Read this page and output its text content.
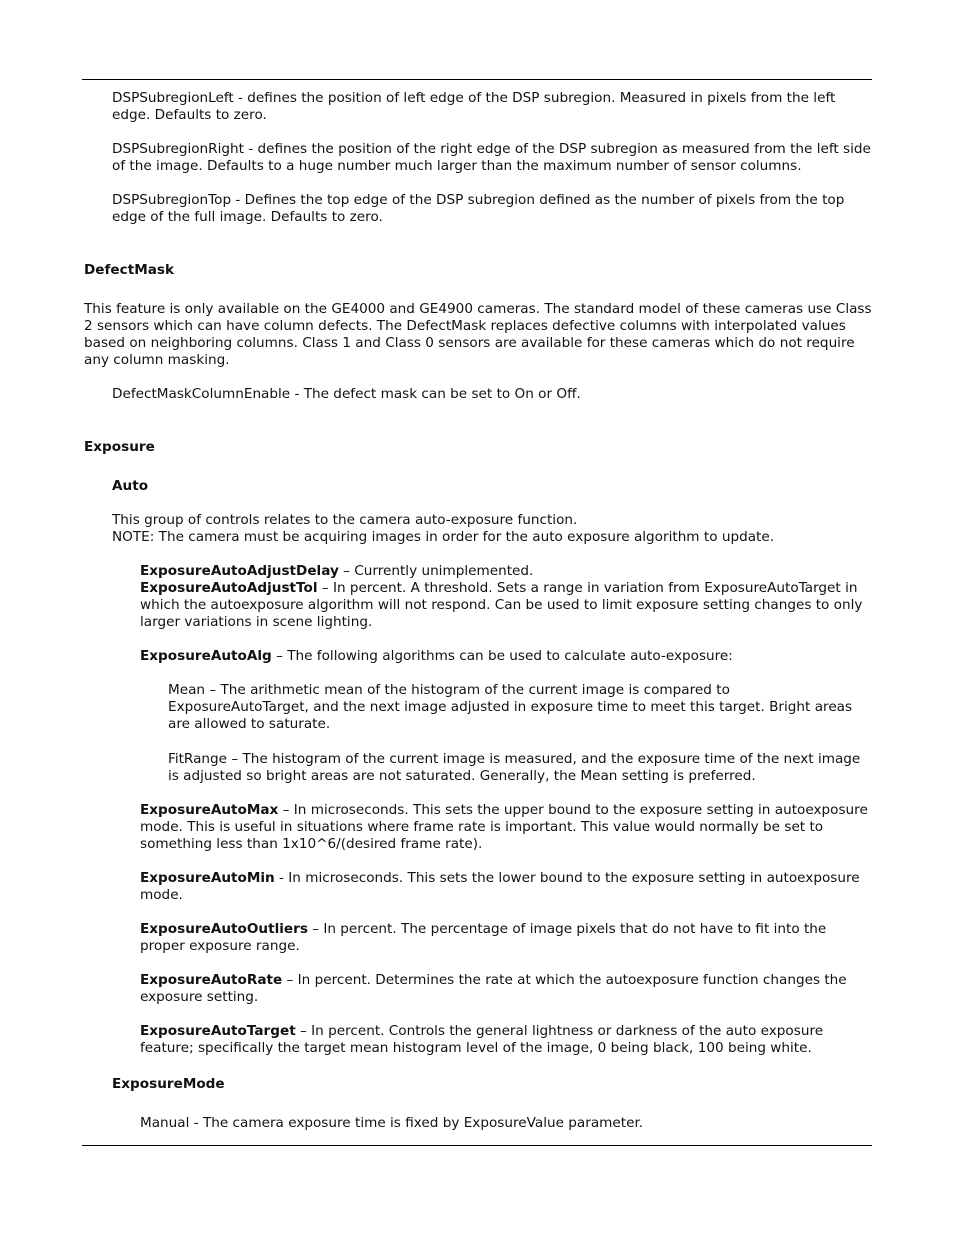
DSPSubregionLeft - defines the position of left edge of the DSP subregion. Measured in pixels from the left edge. Defaults to zero.

DSPSubregionRight - defines the position of the right edge of the DSP subregion as measured from the left side of the image. Defaults to a huge number much larger than the maximum number of sensor columns.

DSPSubregionTop - Defines the top edge of the DSP subregion defined as the number of pixels from the top edge of the full image. Defaults to zero.

DefectMask

This feature is only available on the GE4000 and GE4900 cameras. The standard model of these cameras use Class 2 sensors which can have column defects. The DefectMask replaces defective columns with interpolated values based on neighboring columns. Class 1 and Class 0 sensors are available for these cameras which do not require any column masking.

DefectMaskColumnEnable - The defect mask can be set to On or Off.

Exposure

Auto

This group of controls relates to the camera auto-exposure function.
NOTE: The camera must be acquiring images in order for the auto exposure algorithm to update.
ExposureAutoAdjustDelay – Currently unimplemented.
ExposureAutoAdjustTol – In percent. A threshold. Sets a range in variation from ExposureAutoTarget in which the autoexposure algorithm will not respond. Can be used to limit exposure setting changes to only larger variations in scene lighting.

ExposureAutoAlg – The following algorithms can be used to calculate auto-exposure:

Mean – The arithmetic mean of the histogram of the current image is compared to ExposureAutoTarget, and the next image adjusted in exposure time to meet this target. Bright areas are allowed to saturate.

FitRange – The histogram of the current image is measured, and the exposure time of the next image is adjusted so bright areas are not saturated. Generally, the Mean setting is preferred.

ExposureAutoMax – In microseconds. This sets the upper bound to the exposure setting in autoexposure mode. This is useful in situations where frame rate is important. This value would normally be set to something less than 1x10^6/(desired frame rate).

ExposureAutoMin - In microseconds. This sets the lower bound to the exposure setting in autoexposure mode.

ExposureAutoOutliers – In percent. The percentage of image pixels that do not have to fit into the proper exposure range.

ExposureAutoRate – In percent. Determines the rate at which the autoexposure function changes the exposure setting.

ExposureAutoTarget – In percent. Controls the general lightness or darkness of the auto exposure feature; specifically the target mean histogram level of the image, 0 being black, 100 being white.

ExposureMode

Manual - The camera exposure time is fixed by ExposureValue parameter.
